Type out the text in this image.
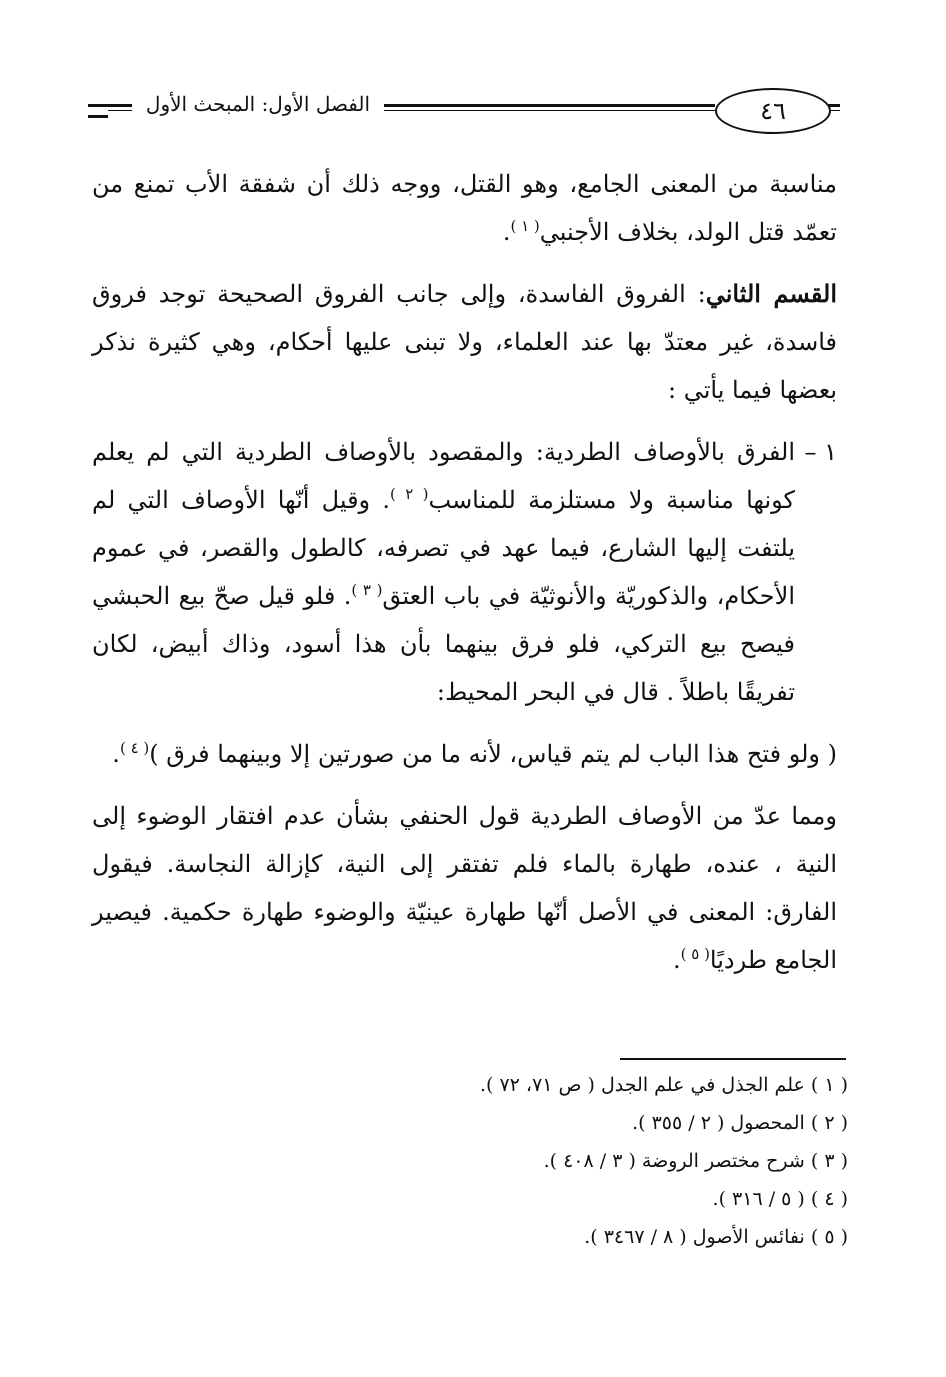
الفصل الأول: المبحث الأول	٤٦

مناسبة من المعنى الجامع، وهو القتل، ووجه ذلك أن شفقة الأب تمنع من تعمّد قتل الولد، بخلاف الأجنبي$^{( ١ )}$.

القسم الثاني: الفروق الفاسدة، وإلى جانب الفروق الصحيحة توجد فروق فاسدة، غير معتدّ بها عند العلماء، ولا تبنى عليها أحكام، وهي كثيرة نذكر بعضها فيما يأتي :

١ –
الفرق بالأوصاف الطردية: والمقصود بالأوصاف الطردية التي لم يعلم كونها مناسبة ولا مستلزمة للمناسب$^{( ٢ )}$. وقيل أنّها الأوصاف التي لم يلتفت إليها الشارع، فيما عهد في تصرفه، كالطول والقصر، في عموم الأحكام، والذكوريّة والأنوثيّة في باب العتق$^{( ٣ )}$. فلو قيل صحّ بيع الحبشي فيصح بيع التركي، فلو فرق بينهما بأن هذا أسود، وذاك أبيض، لكان تفريقًا باطلاً . قال في البحر المحيط:

( ولو فتح هذا الباب لم يتم قياس، لأنه ما من صورتين إلا وبينهما فرق )$^{( ٤ )}$.

ومما عدّ من الأوصاف الطردية قول الحنفي بشأن عدم افتقار الوضوء إلى النية ، عنده، طهارة بالماء فلم تفتقر إلى النية، كإزالة النجاسة. فيقول الفارق: المعنى في الأصل أنّها طهارة عينيّة والوضوء طهارة حكمية. فيصير الجامع طرديًا$^{( ٥ )}$.

( ١ ) علم الجذل في علم الجدل ( ص ٧١، ٧٢ ).
( ٢ ) المحصول ( ٢ / ٣٥٥ ).
( ٣ ) شرح مختصر الروضة ( ٣ / ٤٠٨ ).
( ٤ ) ( ٥ / ٣١٦ ).
( ٥ ) نفائس الأصول ( ٨ / ٣٤٦٧ ).
